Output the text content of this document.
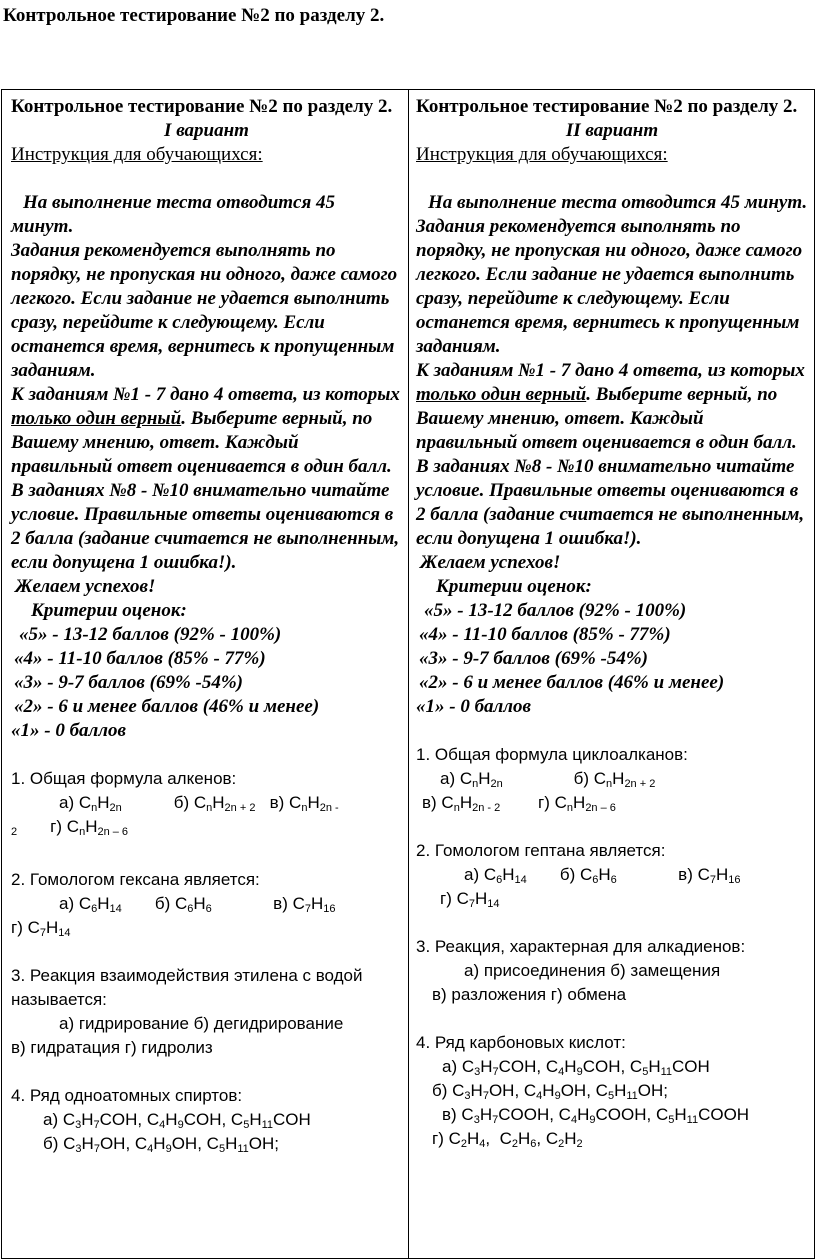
Контрольное тестирование №2 по разделу 2.

Контрольное тестирование №2 по разделу 2.

I вариант

Инструкция для обучающихся:

На выполнение теста отводится 45 минут.

Задания рекомендуется выполнять по порядку, не пропуская ни одного, даже самого легкого. Если задание не удается выполнить сразу, перейдите к следующему. Если останется время, вернитесь к пропущенным заданиям.

К заданиям №1 - 7 дано 4 ответа, из которых только один верный. Выберите верный, по Вашему мнению, ответ. Каждый правильный ответ оценивается в один балл.

В заданиях №8 - №10 внимательно читайте условие. Правильные ответы оцениваются в 2 балла (задание считается не выполненным, если допущена 1 ошибка!).

Желаем успехов!

Критерии оценок:

«5» - 13-12 баллов (92% - 100%)

«4» - 11-10 баллов (85% - 77%)

«3» - 9-7 баллов (69% -54%)

«2» - 6 и менее баллов (46% и менее)

«1» - 0 баллов

1. Общая формула алкенов:

а) $C_nH_{2n}$           б) $C_nH_{2n + 2}$   в) $C_nH_{2n -}$

2       г) $C_nH_{2n - 6}$

2. Гомологом гексана является:

а) $C_6H_{14}$       б) $C_6H_6$             в) $C_7H_{16}$

г) $C_7H_{14}$

3. Реакция взаимодействия этилена с водой называется:

а) гидрирование б) дегидрирование

в) гидратация г) гидролиз

4. Ряд одноатомных спиртов:

а) $C_3H_7COH$, $C_4H_9COH$, $C_5H_{11}COH$

б) $C_3H_7OH$, $C_4H_9OH$, $C_5H_{11}OH$;

Контрольное тестирование №2 по разделу 2.

II вариант

Инструкция для обучающихся:

На выполнение теста отводится 45 минут.

Задания рекомендуется выполнять по порядку, не пропуская ни одного, даже самого легкого. Если задание не удается выполнить сразу, перейдите к следующему. Если останется время, вернитесь к пропущенным заданиям.

К заданиям №1 - 7 дано 4 ответа, из которых только один верный. Выберите верный, по Вашему мнению, ответ. Каждый правильный ответ оценивается в один балл.

В заданиях №8 - №10 внимательно читайте условие. Правильные ответы оцениваются в 2 балла (задание считается не выполненным, если допущена 1 ошибка!).

Желаем успехов!

Критерии оценок:

«5» - 13-12 баллов (92% - 100%)

«4» - 11-10 баллов (85% - 77%)

«3» - 9-7 баллов (69% -54%)

«2» - 6 и менее баллов (46% и менее)

«1» - 0 баллов

1. Общая формула циклоалканов:

а) $C_nH_{2n}$               б) $C_nH_{2n + 2}$

в) $C_nH_{2n - 2}$        г) $C_nH_{2n - 6}$

2. Гомологом гептана является:

а) $C_6H_{14}$       б) $C_6H_6$             в) $C_7H_{16}$

г) $C_7H_{14}$

3. Реакция, характерная для алкадиенов:

а) присоединения б) замещения

в) разложения г) обмена

4. Ряд карбоновых кислот:

а) $C_3H_7COH$, $C_4H_9COH$, $C_5H_{11}COH$

б) $C_3H_7OH$, $C_4H_9OH$, $C_5H_{11}OH$;

в) $C_3H_7COOH$, $C_4H_9COOH$, $C_5H_{11}COOH$

г) $C_2H_4$,  $C_2H_6$, $C_2H_2$
